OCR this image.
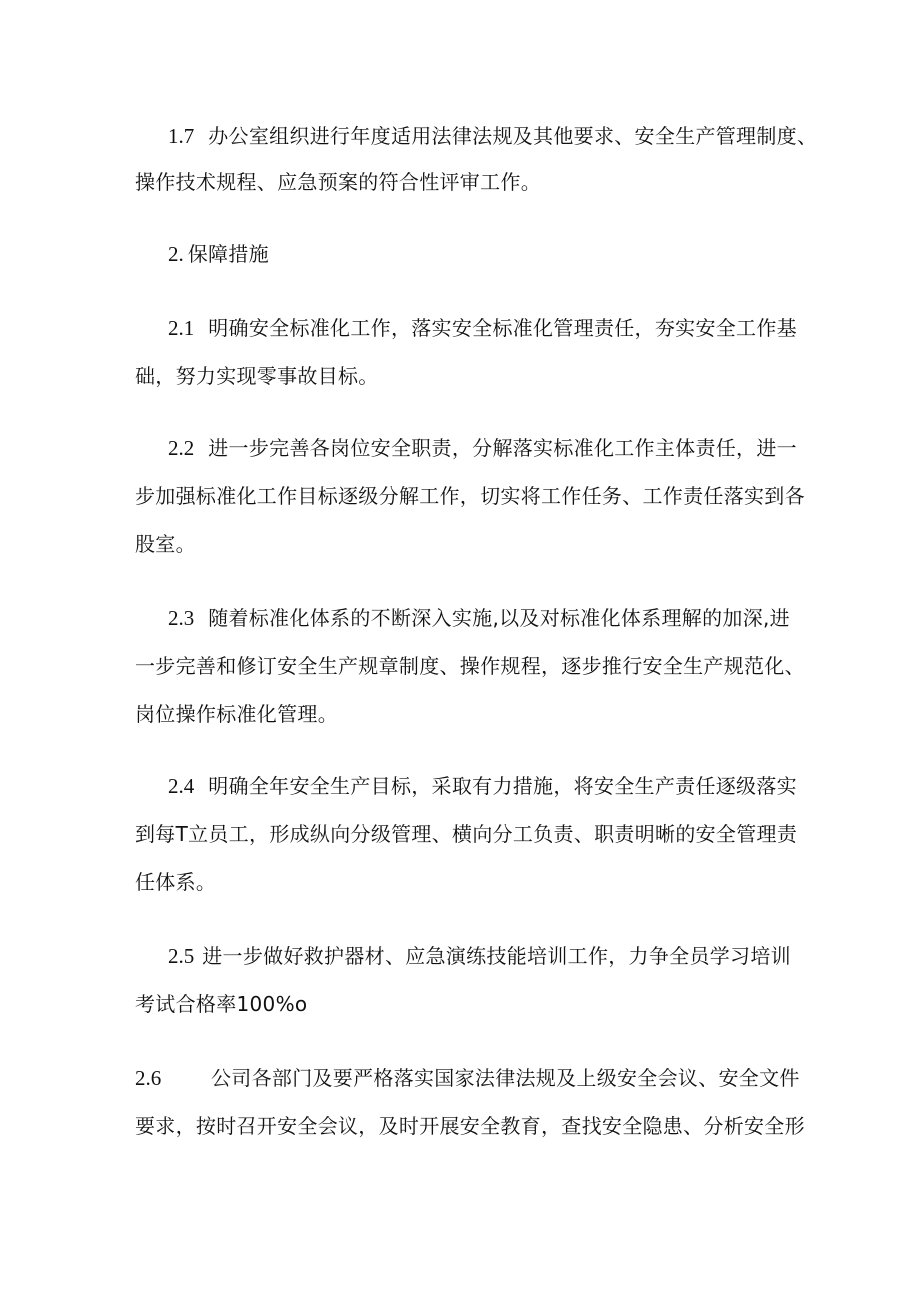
1.7 办公室组织进行年度适用法律法规及其他要求、安全生产管理制度、
操作技术规程、应急预案的符合性评审工作。
2. 保障措施
2.1 明确安全标准化工作，落实安全标准化管理责任，夯实安全工作基
础，努力实现零事故目标。
2.2 进一步完善各岗位安全职责，分解落实标准化工作主体责任，进一
步加强标准化工作目标逐级分解工作，切实将工作任务、工作责任落实到各
股室。
2.3 随着标准化体系的不断深入实施,以及对标准化体系理解的加深,进
一步完善和修订安全生产规章制度、操作规程，逐步推行安全生产规范化、
岗位操作标准化管理。
2.4 明确全年安全生产目标，采取有力措施，将安全生产责任逐级落实
到每T立员工，形成纵向分级管理、横向分工负责、职责明晰的安全管理责
任体系。
2.5 进一步做好救护器材、应急演练技能培训工作，力争全员学习培训
考试合格率100%o
2.6 公司各部门及要严格落实国家法律法规及上级安全会议、安全文件
要求，按时召开安全会议，及时开展安全教育，查找安全隐患、分析安全形
